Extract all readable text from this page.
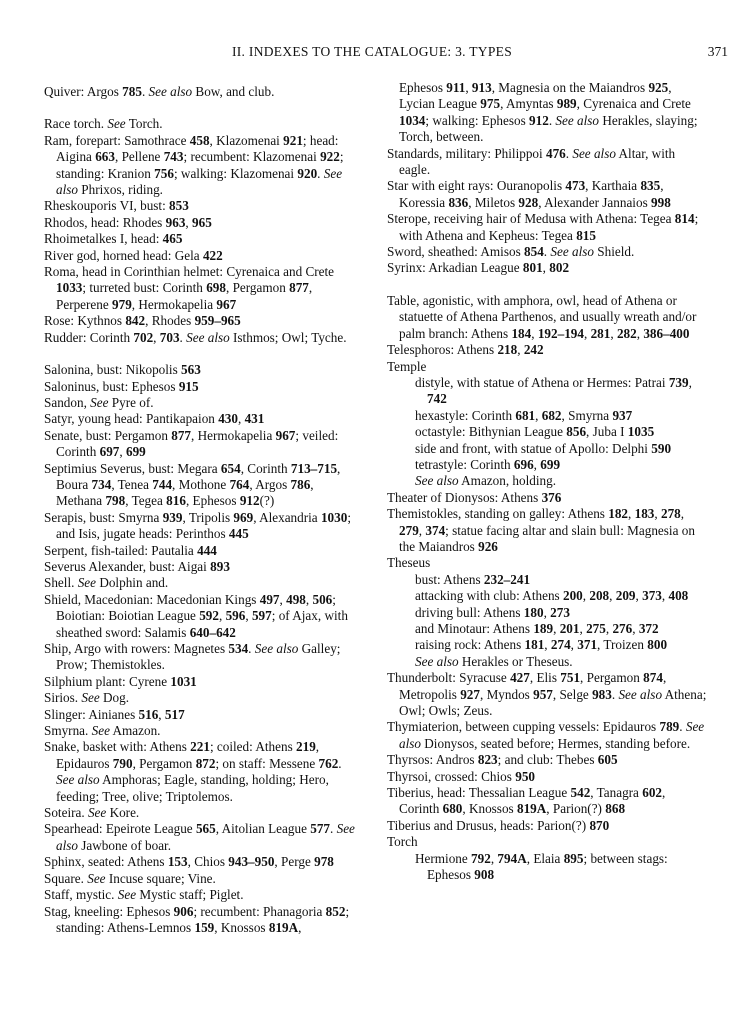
II. INDEXES TO THE CATALOGUE: 3. TYPES	371

Quiver: Argos 785. See also Bow, and club.

Race torch. See Torch.

Ram, forepart: Samothrace 458, Klazomenai 921; head: Aigina 663, Pellene 743; recumbent: Klazomenai 922; standing: Kranion 756; walking: Klazomenai 920. See also Phrixos, riding.

Rheskouporis VI, bust: 853

Rhodos, head: Rhodes 963, 965

Rhoimetalkes I, head: 465

River god, horned head: Gela 422

Roma, head in Corinthian helmet: Cyrenaica and Crete 1033; turreted bust: Corinth 698, Pergamon 877, Perperene 979, Hermokapelia 967

Rose: Kythnos 842, Rhodes 959–965

Rudder: Corinth 702, 703. See also Isthmos; Owl; Tyche.

Salonina, bust: Nikopolis 563

Saloninus, bust: Ephesos 915

Sandon, See Pyre of.

Satyr, young head: Pantikapaion 430, 431

Senate, bust: Pergamon 877, Hermokapelia 967; veiled: Corinth 697, 699

Septimius Severus, bust: Megara 654, Corinth 713–715, Boura 734, Tenea 744, Mothone 764, Argos 786, Methana 798, Tegea 816, Ephesos 912(?)

Serapis, bust: Smyrna 939, Tripolis 969, Alexandria 1030; and Isis, jugate heads: Perinthos 445

Serpent, fish-tailed: Pautalia 444

Severus Alexander, bust: Aigai 893

Shell. See Dolphin and.

Shield, Macedonian: Macedonian Kings 497, 498, 506; Boiotian: Boiotian League 592, 596, 597; of Ajax, with sheathed sword: Salamis 640–642

Ship, Argo with rowers: Magnetes 534. See also Galley; Prow; Themistokles.

Silphium plant: Cyrene 1031

Sirios. See Dog.

Slinger: Ainianes 516, 517

Smyrna. See Amazon.

Snake, basket with: Athens 221; coiled: Athens 219, Epidauros 790, Pergamon 872; on staff: Messene 762. See also Amphoras; Eagle, standing, holding; Hero, feeding; Tree, olive; Triptolemos.

Soteira. See Kore.

Spearhead: Epeirote League 565, Aitolian League 577. See also Jawbone of boar.

Sphinx, seated: Athens 153, Chios 943–950, Perge 978

Square. See Incuse square; Vine.

Staff, mystic. See Mystic staff; Piglet.

Stag, kneeling: Ephesos 906; recumbent: Phanagoria 852; standing: Athens-Lemnos 159, Knossos 819A,

Ephesos 911, 913, Magnesia on the Maiandros 925, Lycian League 975, Amyntas 989, Cyrenaica and Crete 1034; walking: Ephesos 912. See also Herakles, slaying; Torch, between.

Standards, military: Philippoi 476. See also Altar, with eagle.

Star with eight rays: Ouranopolis 473, Karthaia 835, Koressia 836, Miletos 928, Alexander Jannaios 998

Sterope, receiving hair of Medusa with Athena: Tegea 814; with Athena and Kepheus: Tegea 815

Sword, sheathed: Amisos 854. See also Shield.

Syrinx: Arkadian League 801, 802

Table, agonistic, with amphora, owl, head of Athena or statuette of Athena Parthenos, and usually wreath and/or palm branch: Athens 184, 192–194, 281, 282, 386–400

Telesphoros: Athens 218, 242

Temple

distyle, with statue of Athena or Hermes: Patrai 739, 742

hexastyle: Corinth 681, 682, Smyrna 937

octastyle: Bithynian League 856, Juba I 1035

side and front, with statue of Apollo: Delphi 590

tetrastyle: Corinth 696, 699

See also Amazon, holding.

Theater of Dionysos: Athens 376

Themistokles, standing on galley: Athens 182, 183, 278, 279, 374; statue facing altar and slain bull: Magnesia on the Maiandros 926

Theseus

bust: Athens 232–241

attacking with club: Athens 200, 208, 209, 373, 408

driving bull: Athens 180, 273

and Minotaur: Athens 189, 201, 275, 276, 372

raising rock: Athens 181, 274, 371, Troizen 800

See also Herakles or Theseus.

Thunderbolt: Syracuse 427, Elis 751, Pergamon 874, Metropolis 927, Myndos 957, Selge 983. See also Athena; Owl; Owls; Zeus.

Thymiaterion, between cupping vessels: Epidauros 789. See also Dionysos, seated before; Hermes, standing before.

Thyrsos: Andros 823; and club: Thebes 605

Thyrsoi, crossed: Chios 950

Tiberius, head: Thessalian League 542, Tanagra 602, Corinth 680, Knossos 819A, Parion(?) 868

Tiberius and Drusus, heads: Parion(?) 870

Torch

Hermione 792, 794A, Elaia 895; between stags: Ephesos 908
